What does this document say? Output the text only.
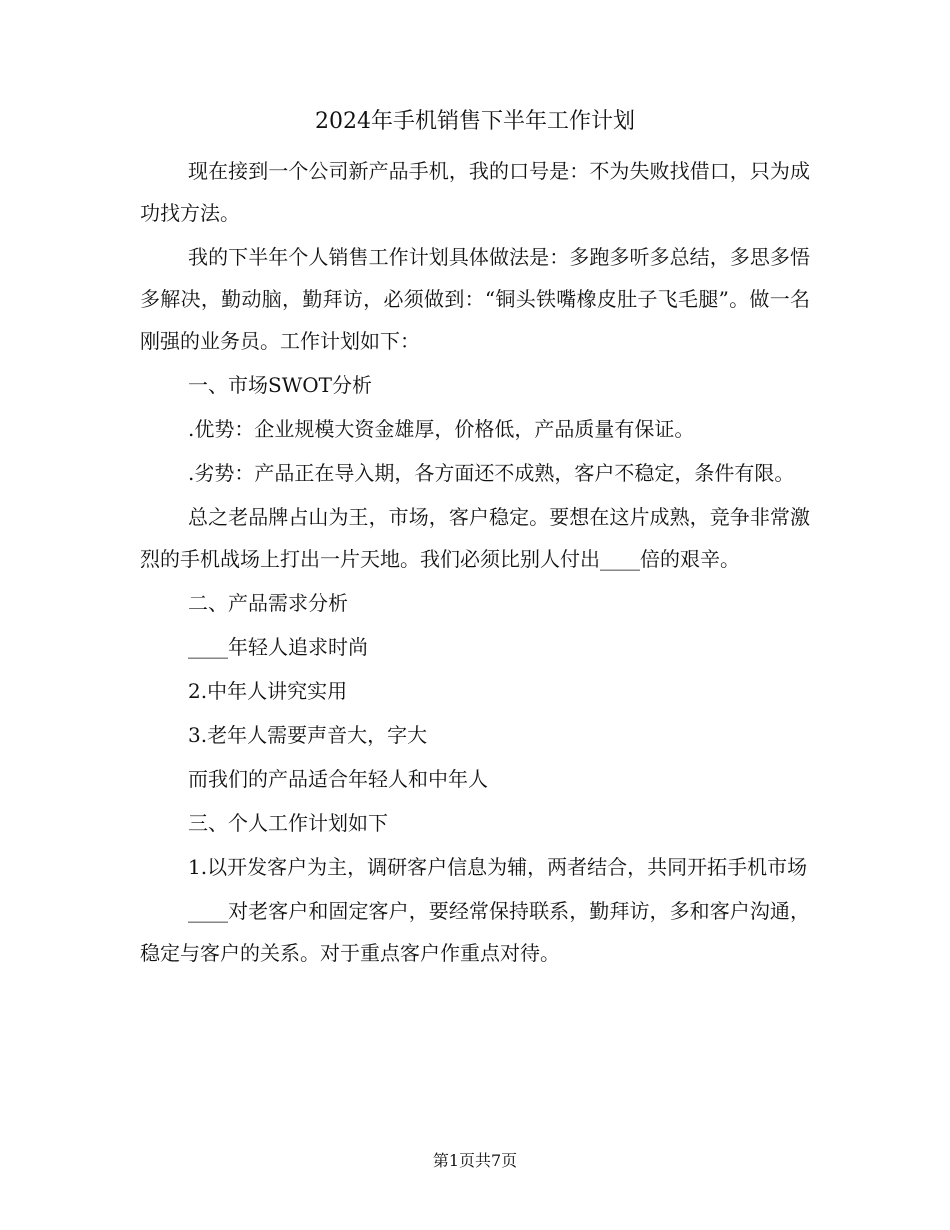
2024年手机销售下半年工作计划

现在接到一个公司新产品手机，我的口号是：不为失败找借口，只为成功找方法。

我的下半年个人销售工作计划具体做法是：多跑多听多总结，多思多悟多解决，勤动脑，勤拜访，必须做到：“铜头铁嘴橡皮肚子飞毛腿”。做一名刚强的业务员。工作计划如下：

一、市场SWOT分析

.优势：企业规模大资金雄厚，价格低，产品质量有保证。

.劣势：产品正在导入期，各方面还不成熟，客户不稳定，条件有限。

总之老品牌占山为王，市场，客户稳定。要想在这片成熟，竞争非常激烈的手机战场上打出一片天地。我们必须比别人付出____倍的艰辛。

二、产品需求分析

____年轻人追求时尚

2.中年人讲究实用

3.老年人需要声音大，字大

而我们的产品适合年轻人和中年人

三、个人工作计划如下

1.以开发客户为主，调研客户信息为辅，两者结合，共同开拓手机市场

____对老客户和固定客户，要经常保持联系，勤拜访，多和客户沟通，稳定与客户的关系。对于重点客户作重点对待。

第1页共7页
